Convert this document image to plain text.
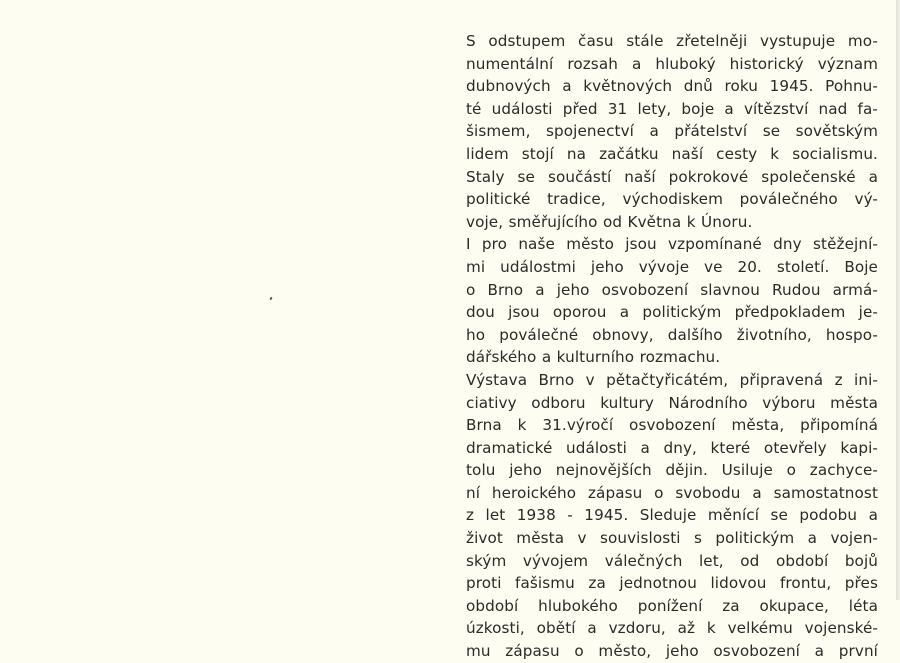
S odstupem času stále zřetelněji vystupuje mo-
numentální rozsah a hluboký historický význam
dubnových a květnových dnů roku 1945. Pohnu-
té události před 31 lety, boje a vítězství nad fa-
šismem, spojenectví a přátelství se sovětským
lidem stojí na začátku naší cesty k socialismu.
Staly se součástí naší pokrokové společenské a
politické tradice, východiskem poválečného vý-
voje, směřujícího od Května k Únoru.
I pro naše město jsou vzpomínané dny stěžejní-
mi událostmi jeho vývoje ve 20. století. Boje
o Brno a jeho osvobození slavnou Rudou armá-
dou jsou oporou a politickým předpokladem je-
ho poválečné obnovy, dalšího životního, hospo-
dářského a kulturního rozmachu.
Výstava Brno v pětačtyřicátém, připravená z ini-
ciativy odboru kultury Národního výboru města
Brna k 31.výročí osvobození města, připomíná
dramatické události a dny, které otevřely kapi-
tolu jeho nejnovějších dějin. Usiluje o zachyce-
ní heroického zápasu o svobodu a samostatnost
z let 1938 - 1945. Sleduje měnící se podobu a
život města v souvislosti s politickým a vojen-
ským vývojem válečných let, od období bojů
proti fašismu za jednotnou lidovou frontu, přes
období hlubokého ponížení za okupace, léta
úzkosti, obětí a vzdoru, až k velkému vojenské-
mu zápasu o město, jeho osvobození a první
